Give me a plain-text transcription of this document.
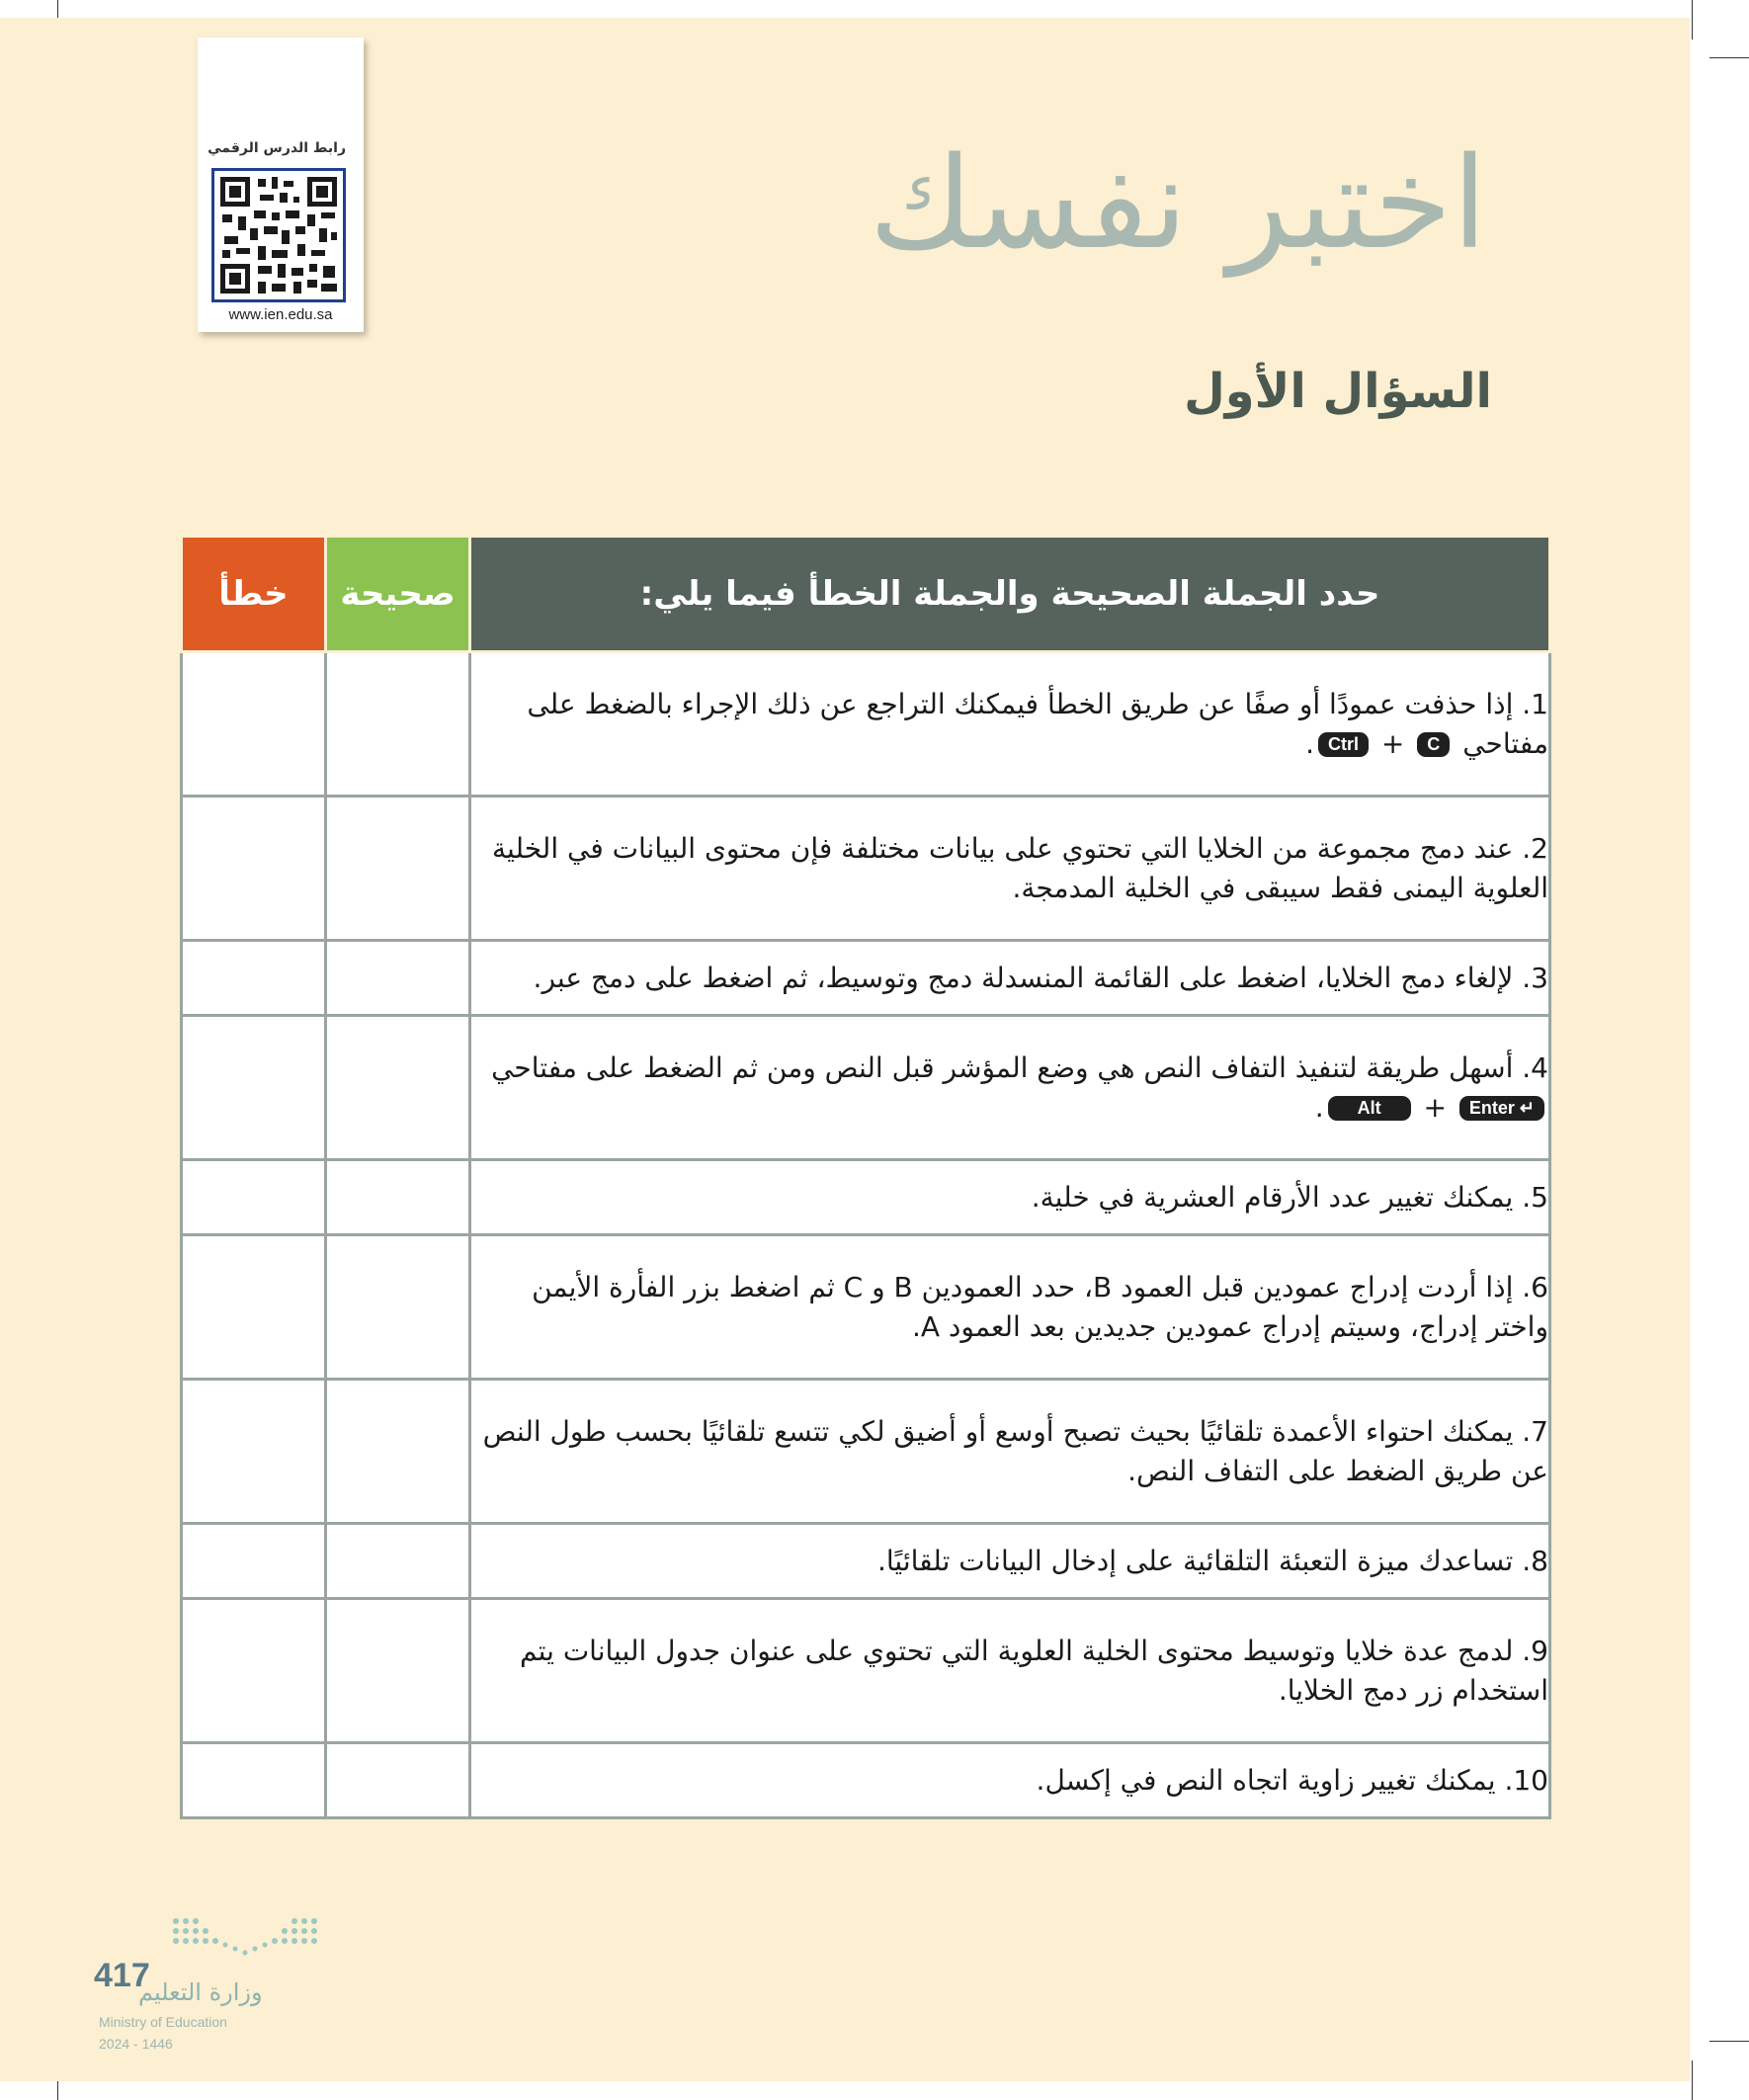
رابط الدرس الرقمي
www.ien.edu.sa
اختبر نفسك
السؤال الأول
خطأ	صحيحة	حدد الجملة الصحيحة والجملة الخطأ فيما يلي:

		1. إذا حذفت عمودًا أو صفًا عن طريق الخطأ فيمكنك التراجع عن ذلك الإجراء بالضغط على مفتاحي C + Ctrl.
		2. عند دمج مجموعة من الخلايا التي تحتوي على بيانات مختلفة فإن محتوى البيانات في الخلية العلوية اليمنى فقط سيبقى في الخلية المدمجة.
		3. لإلغاء دمج الخلايا، اضغط على القائمة المنسدلة دمج وتوسيط، ثم اضغط على دمج عبر.
		4. أسهل طريقة لتنفيذ التفاف النص هي وضع المؤشر قبل النص ومن ثم الضغط على مفتاحي Enter ↵ + Alt.
		5. يمكنك تغيير عدد الأرقام العشرية في خلية.
		6. إذا أردت إدراج عمودين قبل العمود B، حدد العمودين B و C ثم اضغط بزر الفأرة الأيمن واختر إدراج، وسيتم إدراج عمودين جديدين بعد العمود A.
		7. يمكنك احتواء الأعمدة تلقائيًا بحيث تصبح أوسع أو أضيق لكي تتسع تلقائيًا بحسب طول النص عن طريق الضغط على التفاف النص.
		8. تساعدك ميزة التعبئة التلقائية على إدخال البيانات تلقائيًا.
		9. لدمج عدة خلايا وتوسيط محتوى الخلية العلوية التي تحتوي على عنوان جدول البيانات يتم استخدام زر دمج الخلايا.
		10. يمكنك تغيير زاوية اتجاه النص في إكسل.
417
وزارة التعليم
Ministry of Education
2024 - 1446
